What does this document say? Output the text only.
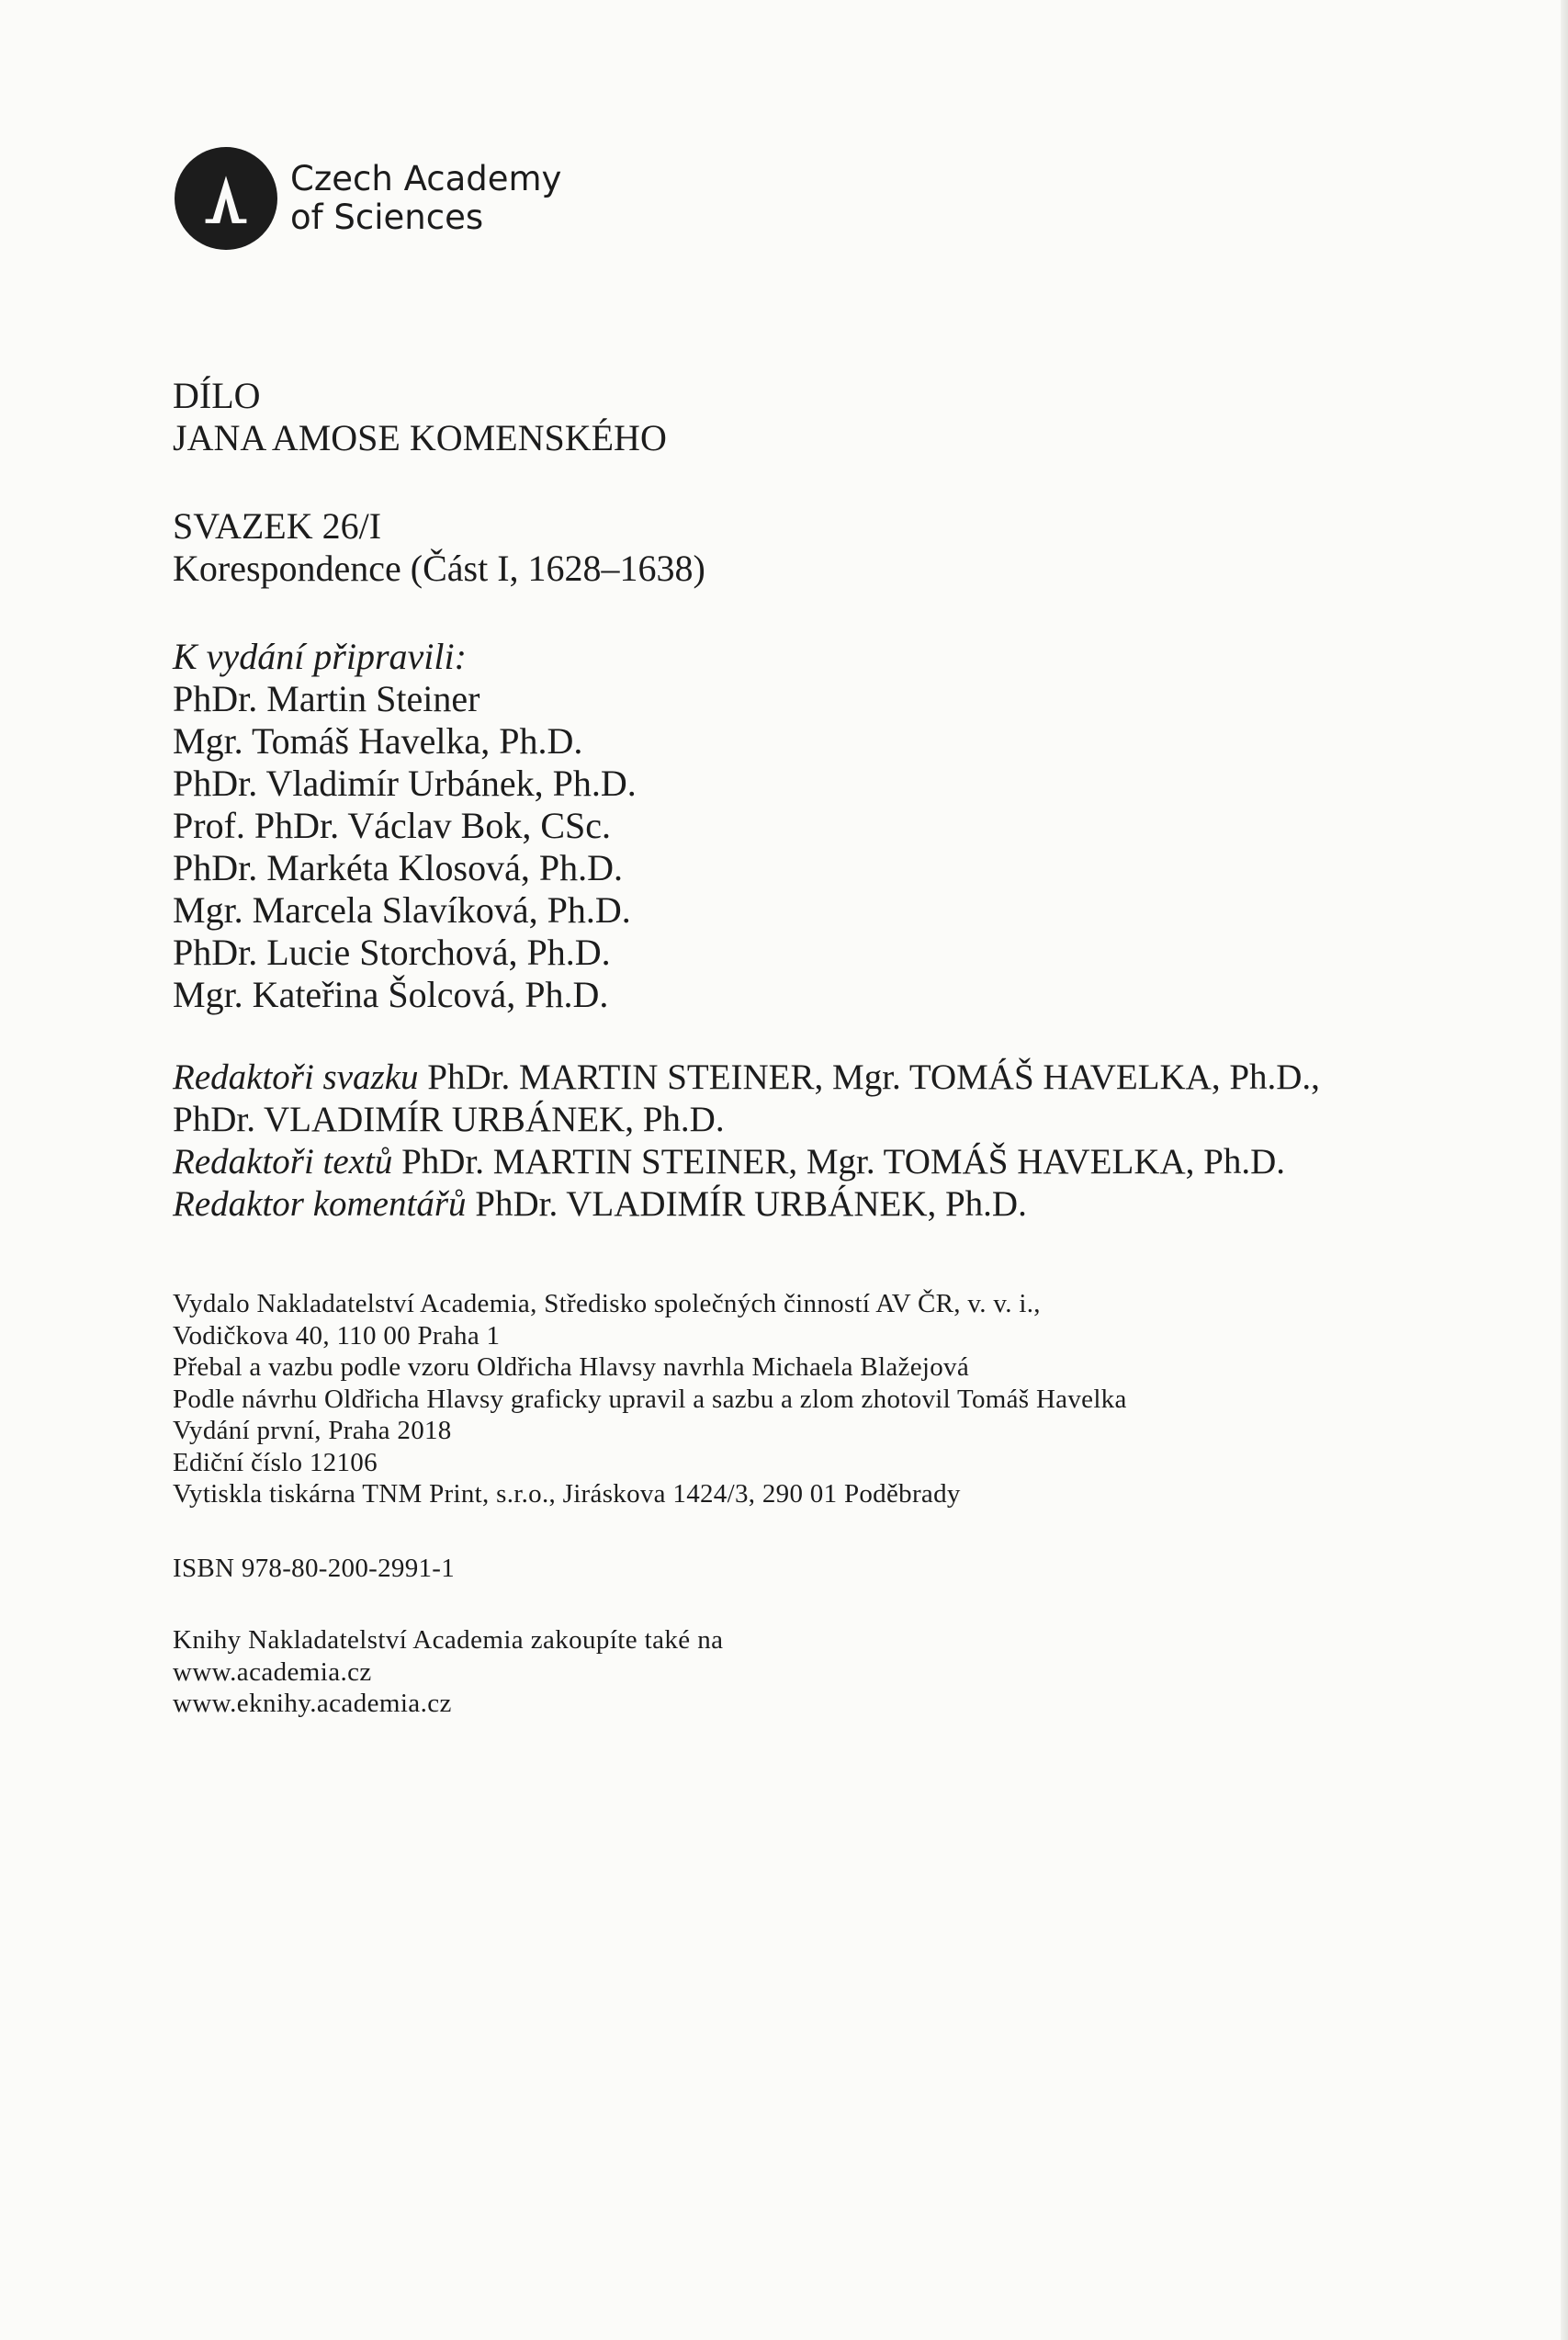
Czech Academy
of Sciences
DÍLO
JANA AMOSE KOMENSKÉHO
SVAZEK 26/I
Korespondence (Část I, 1628–1638)
K vydání připravili:
PhDr. Martin Steiner
Mgr. Tomáš Havelka, Ph.D.
PhDr. Vladimír Urbánek, Ph.D.
Prof. PhDr. Václav Bok, CSc.
PhDr. Markéta Klosová, Ph.D.
Mgr. Marcela Slavíková, Ph.D.
PhDr. Lucie Storchová, Ph.D.
Mgr. Kateřina Šolcová, Ph.D.
Redaktoři svazku PhDr. MARTIN STEINER, Mgr. TOMÁŠ HAVELKA, Ph.D.,
PhDr. VLADIMÍR URBÁNEK, Ph.D.
Redaktoři textů PhDr. MARTIN STEINER, Mgr. TOMÁŠ HAVELKA, Ph.D.
Redaktor komentářů PhDr. VLADIMÍR URBÁNEK, Ph.D.
Vydalo Nakladatelství Academia, Středisko společných činností AV ČR, v. v. i.,
Vodičkova 40, 110 00 Praha 1
Přebal a vazbu podle vzoru Oldřicha Hlavsy navrhla Michaela Blažejová
Podle návrhu Oldřicha Hlavsy graficky upravil a sazbu a zlom zhotovil Tomáš Havelka
Vydání první, Praha 2018
Ediční číslo 12106
Vytiskla tiskárna TNM Print, s.r.o., Jiráskova 1424/3, 290 01 Poděbrady
ISBN 978-80-200-2991-1
Knihy Nakladatelství Academia zakoupíte také na
www.academia.cz
www.eknihy.academia.cz
